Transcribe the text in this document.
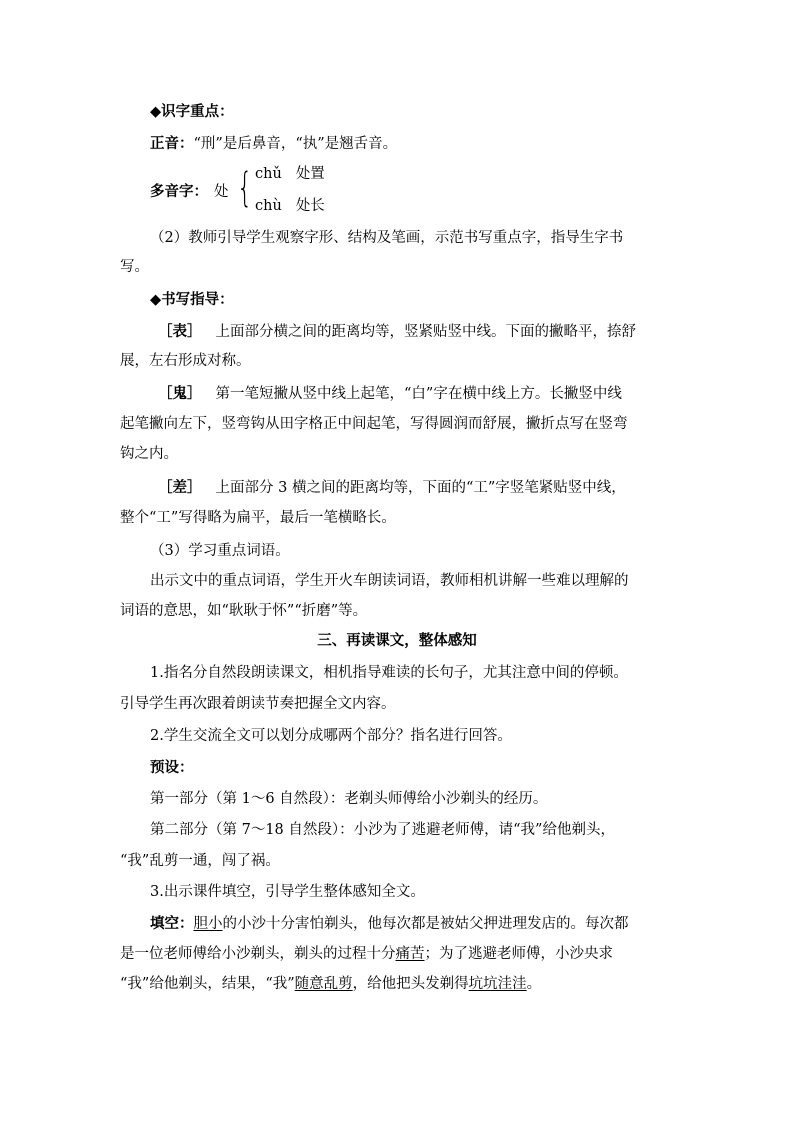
◆识字重点：
正音：“刑”是后鼻音，“执”是翘舌音。
多音字： 处 { chǔ 处置
chù 处长
（2）教师引导学生观察字形、结构及笔画，示范书写重点字，指导生字书
写。
◆书写指导：
［表］ 上面部分横之间的距离均等，竖紧贴竖中线。下面的撇略平，捺舒
展，左右形成对称。
［鬼］ 第一笔短撇从竖中线上起笔，“白”字在横中线上方。长撇竖中线
起笔撇向左下，竖弯钩从田字格正中间起笔，写得圆润而舒展，撇折点写在竖弯
钩之内。
［差］ 上面部分 3 横之间的距离均等，下面的“工”字竖笔紧贴竖中线，
整个“工”写得略为扁平，最后一笔横略长。
（3）学习重点词语。
出示文中的重点词语，学生开火车朗读词语，教师相机讲解一些难以理解的
词语的意思，如“耿耿于怀”“折磨”等。
三、再读课文，整体感知
1.指名分自然段朗读课文，相机指导难读的长句子，尤其注意中间的停顿。
引导学生再次跟着朗读节奏把握全文内容。
2.学生交流全文可以划分成哪两个部分？指名进行回答。
预设：
第一部分（第 1～6 自然段）：老剃头师傅给小沙剃头的经历。
第二部分（第 7～18 自然段）：小沙为了逃避老师傅，请“我”给他剃头，
“我”乱剪一通，闯了祸。
3.出示课件填空，引导学生整体感知全文。
填空：胆小的小沙十分害怕剃头，他每次都是被姑父押进理发店的。每次都
是一位老师傅给小沙剃头，剃头的过程十分痛苦；为了逃避老师傅，小沙央求
“我”给他剃头，结果，“我”随意乱剪，给他把头发剃得坑坑洼洼。
